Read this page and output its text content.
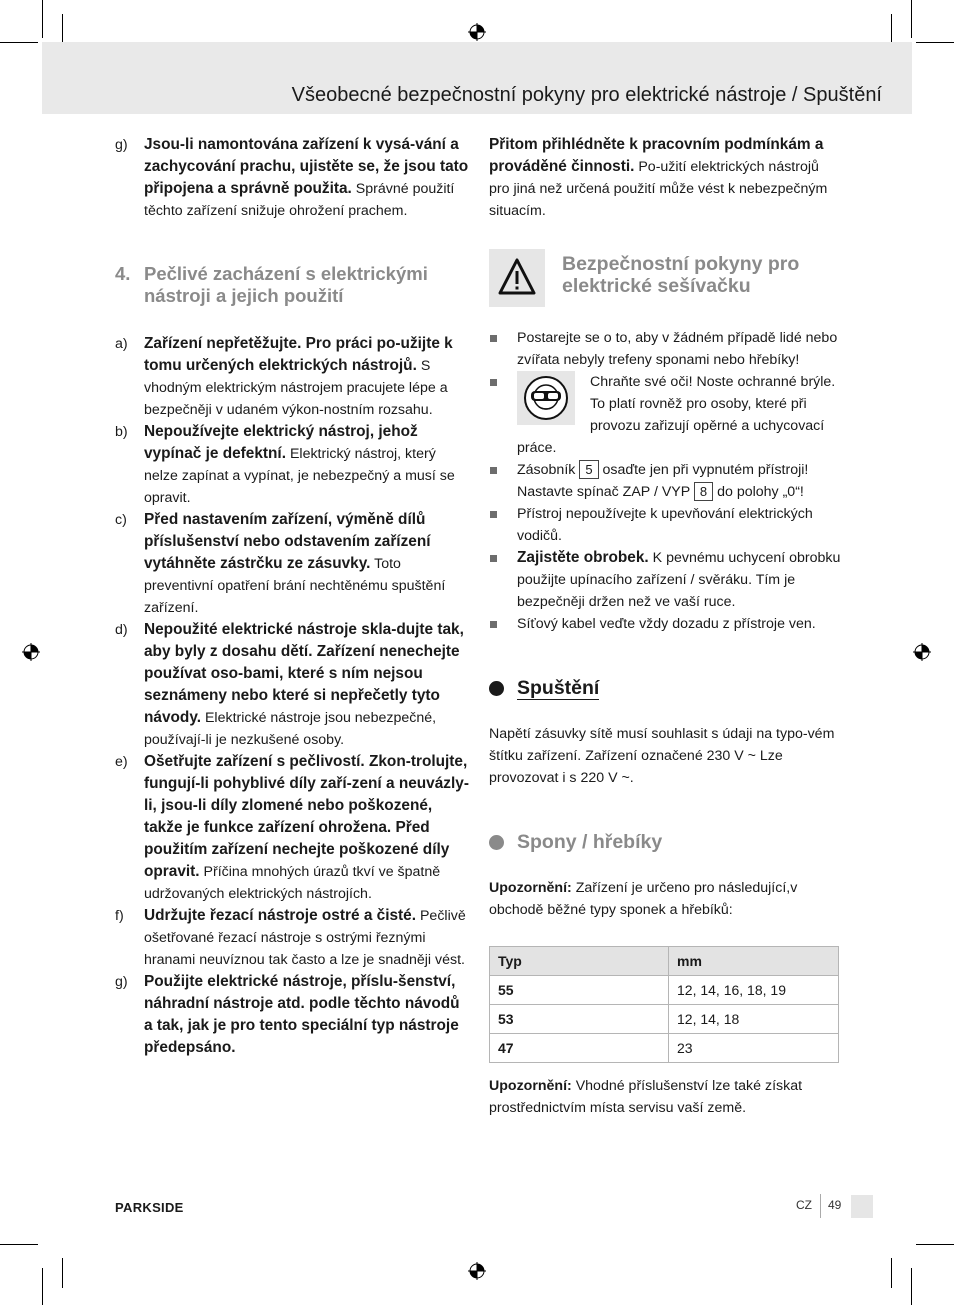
Všeobecné bezpečnostní pokyny pro elektrické nástroje / Spuštění
g) Jsou-li namontována zařízení k vysá-vání a zachycování prachu, ujistěte se, že jsou tato připojena a správně použita. Správné použití těchto zařízení snižuje ohrožení prachem.
4. Pečlivé zacházení s elektrickými nástroji a jejich použití
a) Zařízení nepřetěžujte. Pro práci po-užijte k tomu určených elektrických nástrojů. S vhodným elektrickým nástrojem pracujete lépe a bezpečněji v udaném výkon-nostním rozsahu.
b) Nepoužívejte elektrický nástroj, jehož vypínač je defektní. Elektrický nástroj, který nelze zapínat a vypínat, je nebezpečný a musí se opravit.
c) Před nastavením zařízení, výměně dílů příslušenství nebo odstavením zařízení vytáhněte zástrčku ze zásuvky. Toto preventivní opatření brání nechtěnému spuštění zařízení.
d) Nepoužité elektrické nástroje skla-dujte tak, aby byly z dosahu dětí. Zařízení nenechejte používat oso-bami, které s ním nejsou seznámeny nebo které si nepřečetly tyto návody. Elektrické nástroje jsou nebezpečné, používají-li je nezkušené osoby.
e) Ošetřujte zařízení s pečlivostí. Zkon-trolujte, fungují-li pohyblivé díly zaří-zení a neuvázly-li, jsou-li díly zlomené nebo poškozené, takže je funkce zařízení ohrožena. Před použitím zařízení nechejte poškozené díly opravit. Příčina mnohých úrazů tkví ve špatně udržovaných elektrických nástrojích.
f) Udržujte řezací nástroje ostré a čisté. Pečlivě ošetřované řezací nástroje s ostrými řeznými hranami neuvíznou tak často a lze je snadněji vést.
g) Použijte elektrické nástroje, příslu-šenství, náhradní nástroje atd. podle těchto návodů a tak, jak je pro tento speciální typ nástroje předepsáno.

Přitom přihlédněte k pracovním podmínkám a prováděné činnosti. Po-užití elektrických nástrojů pro jiná než určená použití může vést k nebezpečným situacím.

Bezpečnostní pokyny pro elektrické sešívačku
Postarejte se o to, aby v žádném případě lidé nebo zvířata nebyly trefeny sponami nebo hřebíky!
Chraňte své oči! Noste ochranné brýle. To platí rovněž pro osoby, které při provozu zařizují opěrné a uchycovací práce.
Zásobník 5 osaďte jen při vypnutém přístroji! Nastavte spínač ZAP / VYP 8 do polohy „0“!
Přístroj nepoužívejte k upevňování elektrických vodičů.
Zajistěte obrobek. K pevnému uchycení obrobku použijte upínacího zařízení / svěráku. Tím je bezpečněji držen než ve vaší ruce.
Síťový kabel veďte vždy dozadu z přístroje ven.
Spuštění

Napětí zásuvky sítě musí souhlasit s údaji na typo-vém štítku zařízení. Zařízení označené 230 V ~ Lze provozovat i s 220 V ~.

Spony / hřebíky

Upozornění: Zařízení je určeno pro následující,v obchodě běžné typy sponek a hřebíků:

Typ	mm
55	12, 14, 16, 18, 19
53	12, 14, 18
47	23

Upozornění: Vhodné příslušenství lze také získat prostřednictvím místa servisu vaší země.

PARKSIDE	CZ 49
